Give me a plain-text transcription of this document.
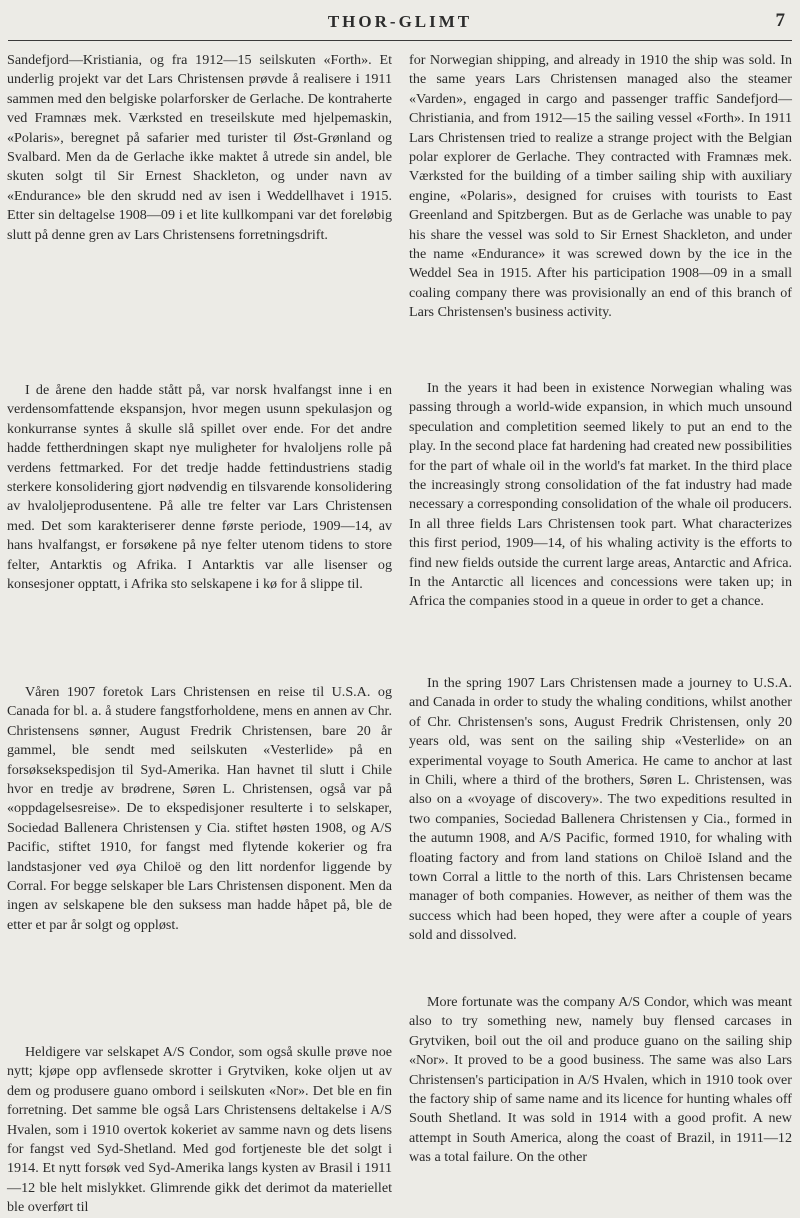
THOR-GLIMT	7

Sandefjord—Kristiania, og fra 1912—15 seilskuten «Forth». Et underlig projekt var det Lars Christensen prøvde å realisere i 1911 sammen med den belgiske polarforsker de Gerlache. De kontraherte ved Framnæs mek. Værksted en treseilskute med hjelpemaskin, «Polaris», beregnet på safarier med turister til Øst-Grønland og Svalbard. Men da de Gerlache ikke maktet å utrede sin andel, ble skuten solgt til Sir Ernest Shackleton, og under navn av «Endurance» ble den skrudd ned av isen i Weddellhavet i 1915. Etter sin deltagelse 1908—09 i et lite kullkompani var det foreløbig slutt på denne gren av Lars Christensens forretningsdrift.

I de årene den hadde stått på, var norsk hvalfangst inne i en verdensomfattende ekspansjon, hvor megen usunn spekulasjon og konkurranse syntes å skulle slå spillet over ende. For det andre hadde fettherdningen skapt nye muligheter for hvaloljens rolle på verdens fettmarked. For det tredje hadde fettindustriens stadig sterkere konsolidering gjort nødvendig en tilsvarende konsolidering av hvaloljeprodusentene. På alle tre felter var Lars Christensen med. Det som karakteriserer denne første periode, 1909—14, av hans hvalfangst, er forsøkene på nye felter utenom tidens to store felter, Antarktis og Afrika. I Antarktis var alle lisenser og konsesjoner opptatt, i Afrika sto selskapene i kø for å slippe til.

Våren 1907 foretok Lars Christensen en reise til U.S.A. og Canada for bl. a. å studere fangstforholdene, mens en annen av Chr. Christensens sønner, August Fredrik Christensen, bare 20 år gammel, ble sendt med seilskuten «Vesterlide» på en forsøksekspedisjon til Syd-Amerika. Han havnet til slutt i Chile hvor en tredje av brødrene, Søren L. Christensen, også var på «oppdagelsesreise». De to ekspedisjoner resulterte i to selskaper, Sociedad Ballenera Christensen y Cia. stiftet høsten 1908, og A/S Pacific, stiftet 1910, for fangst med flytende kokerier og fra landstasjoner ved øya Chiloë og den litt nordenfor liggende by Corral. For begge selskaper ble Lars Christensen disponent. Men da ingen av selskapene ble den suksess man hadde håpet på, ble de etter et par år solgt og oppløst.

Heldigere var selskapet A/S Condor, som også skulle prøve noe nytt; kjøpe opp avflensede skrotter i Grytviken, koke oljen ut av dem og produsere guano ombord i seilskuten «Nor». Det ble en fin forretning. Det samme ble også Lars Christensens deltakelse i A/S Hvalen, som i 1910 overtok kokeriet av samme navn og dets lisens for fangst ved Syd-Shetland. Med god fortjeneste ble det solgt i 1914. Et nytt forsøk ved Syd-Amerika langs kysten av Brasil i 1911—12 ble helt mislykket. Glimrende gikk det derimot da materiellet ble overført til

for Norwegian shipping, and already in 1910 the ship was sold. In the same years Lars Christensen managed also the steamer «Varden», engaged in cargo and passenger traffic Sandefjord—Christiania, and from 1912—15 the sailing vessel «Forth». In 1911 Lars Christensen tried to realize a strange project with the Belgian polar explorer de Gerlache. They contracted with Framnæs mek. Værksted for the building of a timber sailing ship with auxiliary engine, «Polaris», designed for cruises with tourists to East Greenland and Spitzbergen. But as de Gerlache was unable to pay his share the vessel was sold to Sir Ernest Shackleton, and under the name «Endurance» it was screwed down by the ice in the Weddel Sea in 1915. After his participation 1908—09 in a small coaling company there was provisionally an end of this branch of Lars Christensen's business activity.

In the years it had been in existence Norwegian whaling was passing through a world-wide expansion, in which much unsound speculation and completition seemed likely to put an end to the play. In the second place fat hardening had created new possibilities for the part of whale oil in the world's fat market. In the third place the increasingly strong consolidation of the fat industry had made necessary a corresponding consolidation of the whale oil producers. In all three fields Lars Christensen took part. What characterizes this first period, 1909—14, of his whaling activity is the efforts to find new fields outside the current large areas, Antarctic and Africa. In the Antarctic all licences and concessions were taken up; in Africa the companies stood in a queue in order to get a chance.

In the spring 1907 Lars Christensen made a journey to U.S.A. and Canada in order to study the whaling conditions, whilst another of Chr. Christensen's sons, August Fredrik Christensen, only 20 years old, was sent on the sailing ship «Vesterlide» on an experimental voyage to South America. He came to anchor at last in Chili, where a third of the brothers, Søren L. Christensen, was also on a «voyage of discovery». The two expeditions resulted in two companies, Sociedad Ballenera Christensen y Cia., formed in the autumn 1908, and A/S Pacific, formed 1910, for whaling with floating factory and from land stations on Chiloë Island and the town Corral a little to the north of this. Lars Christensen became manager of both companies. However, as neither of them was the success which had been hoped, they were after a couple of years sold and dissolved.

More fortunate was the company A/S Condor, which was meant also to try something new, namely buy flensed carcases in Grytviken, boil out the oil and produce guano on the sailing ship «Nor». It proved to be a good business. The same was also Lars Christensen's participation in A/S Hvalen, which in 1910 took over the factory ship of same name and its licence for hunting whales off South Shetland. It was sold in 1914 with a good profit. A new attempt in South America, along the coast of Brazil, in 1911—12 was a total failure. On the other
